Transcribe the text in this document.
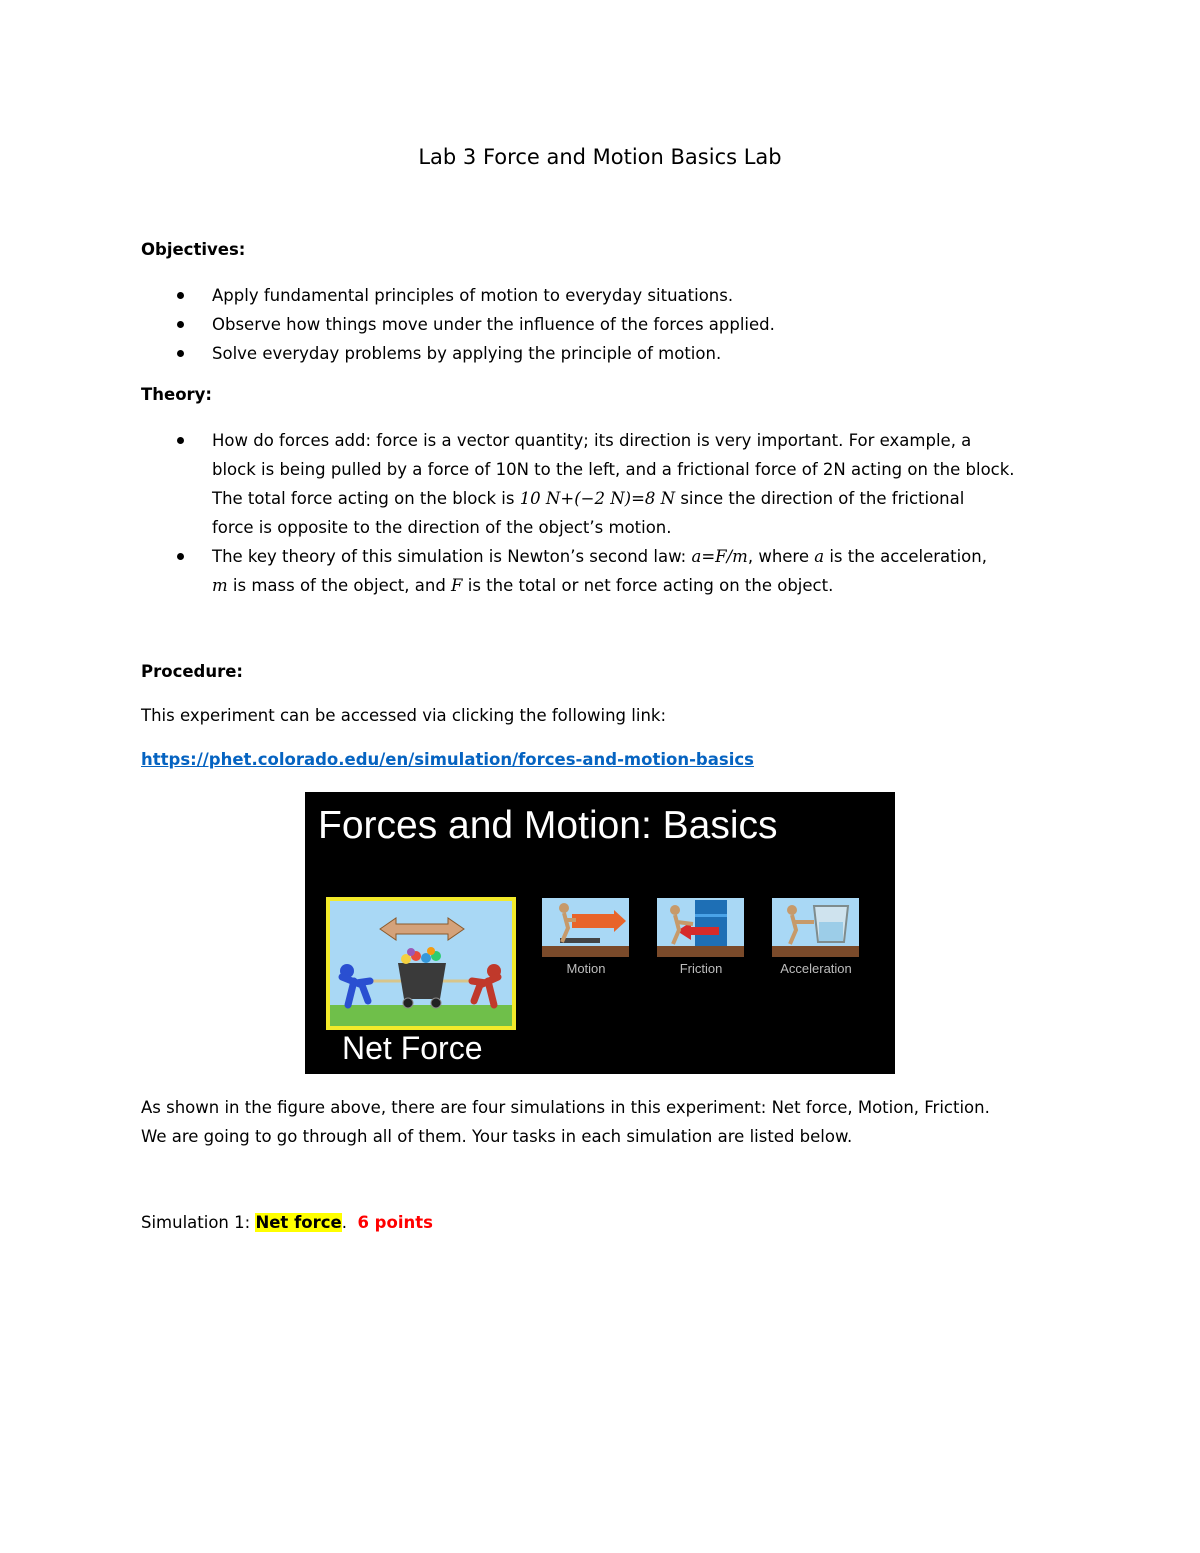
Lab 3 Force and Motion Basics Lab
Objectives:
Apply fundamental principles of motion to everyday situations.
Observe how things move under the influence of the forces applied.
Solve everyday problems by applying the principle of motion.
Theory:
How do forces add: force is a vector quantity; its direction is very important. For example, a
block is being pulled by a force of 10N to the left, and a frictional force of 2N acting on the block.
The total force acting on the block is 10 N+(−2 N)=8 N since the direction of the frictional
force is opposite to the direction of the object’s motion.
The key theory of this simulation is Newton’s second law: a=F/m, where a is the acceleration,
m is mass of the object, and F is the total or net force acting on the object.
Procedure:
This experiment can be accessed via clicking the following link:
https://phet.colorado.edu/en/simulation/forces-and-motion-basics
Forces and Motion: Basics
Net Force
Motion	Friction	Acceleration
As shown in the figure above, there are four simulations in this experiment: Net force, Motion, Friction.
We are going to go through all of them. Your tasks in each simulation are listed below.
Simulation 1: Net force.  6 points
